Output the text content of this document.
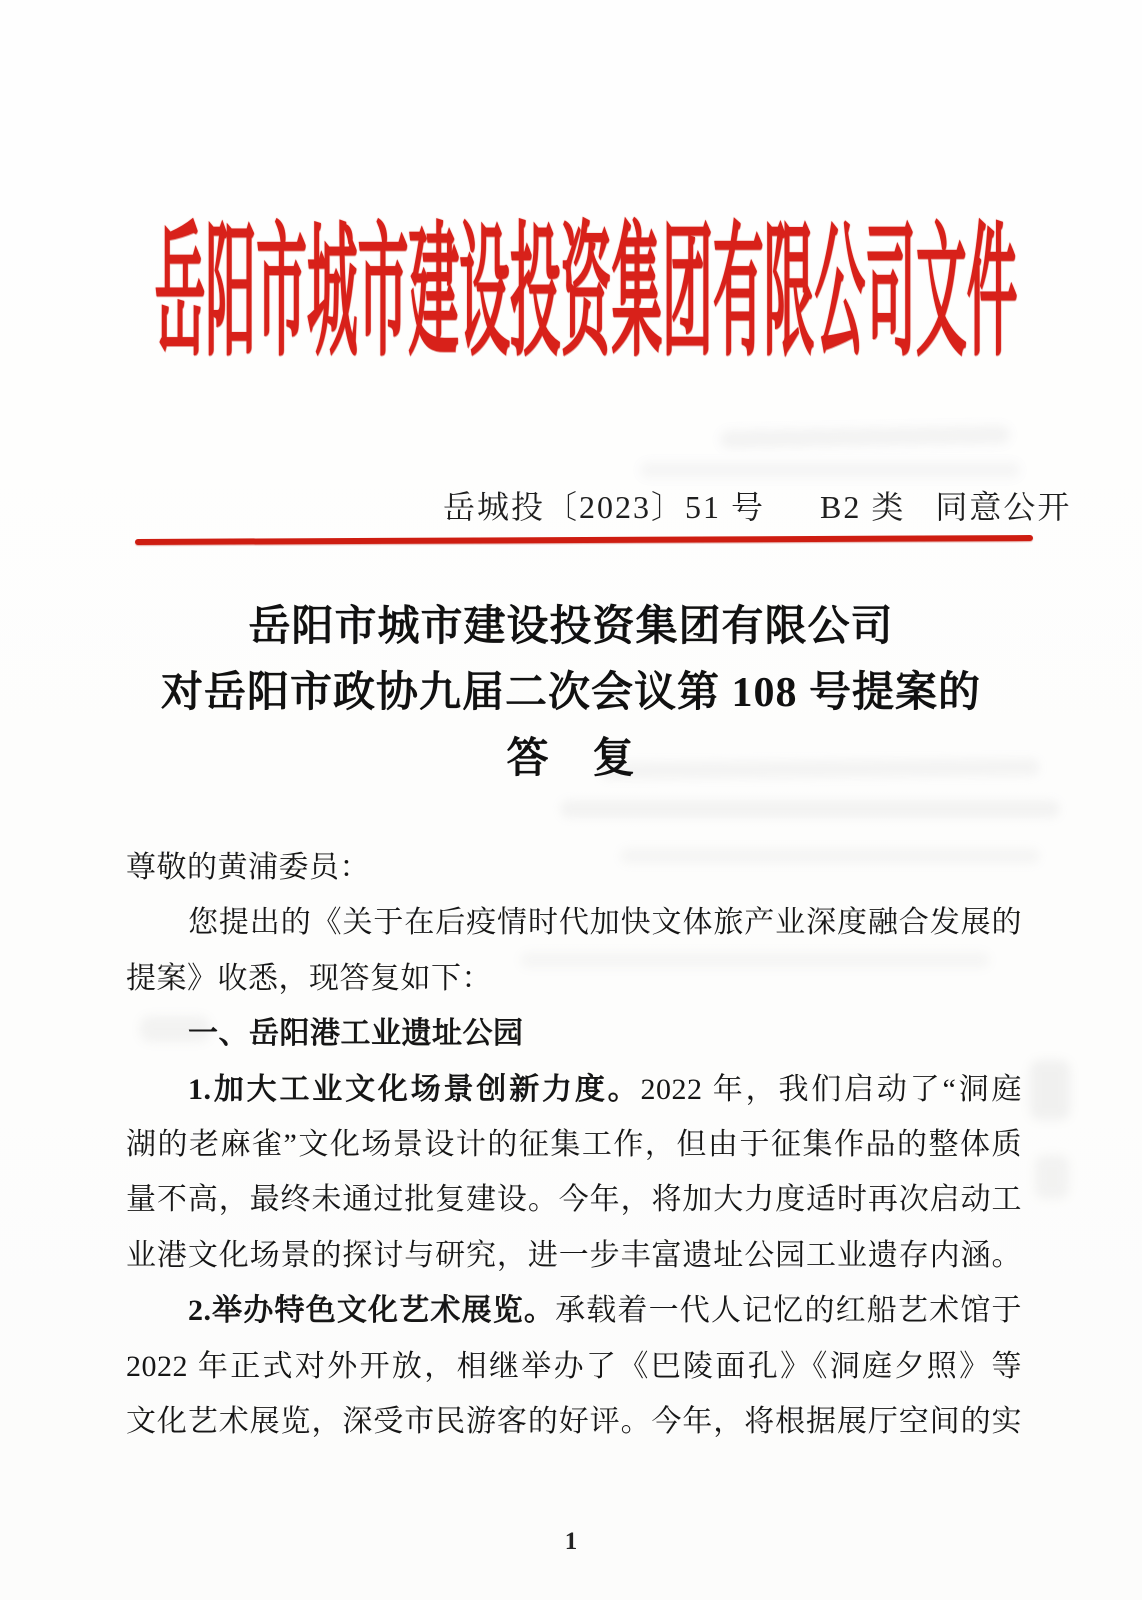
岳阳市城市建设投资集团有限公司文件
岳城投〔2023〕51 号 B2 类 同意公开
岳阳市城市建设投资集团有限公司
对岳阳市政协九届二次会议第 108 号提案的
答　复
尊敬的黄浦委员：
您提出的《关于在后疫情时代加快文体旅产业深度融合发展的
提案》收悉，现答复如下：
一、岳阳港工业遗址公园
1.加大工业文化场景创新力度。2022 年，我们启动了“洞庭
湖的老麻雀”文化场景设计的征集工作，但由于征集作品的整体质
量不高，最终未通过批复建设。今年，将加大力度适时再次启动工
业港文化场景的探讨与研究，进一步丰富遗址公园工业遗存内涵。
2.举办特色文化艺术展览。承载着一代人记忆的红船艺术馆于
2022 年正式对外开放，相继举办了《巴陵面孔》《洞庭夕照》等
文化艺术展览，深受市民游客的好评。今年，将根据展厅空间的实
1
